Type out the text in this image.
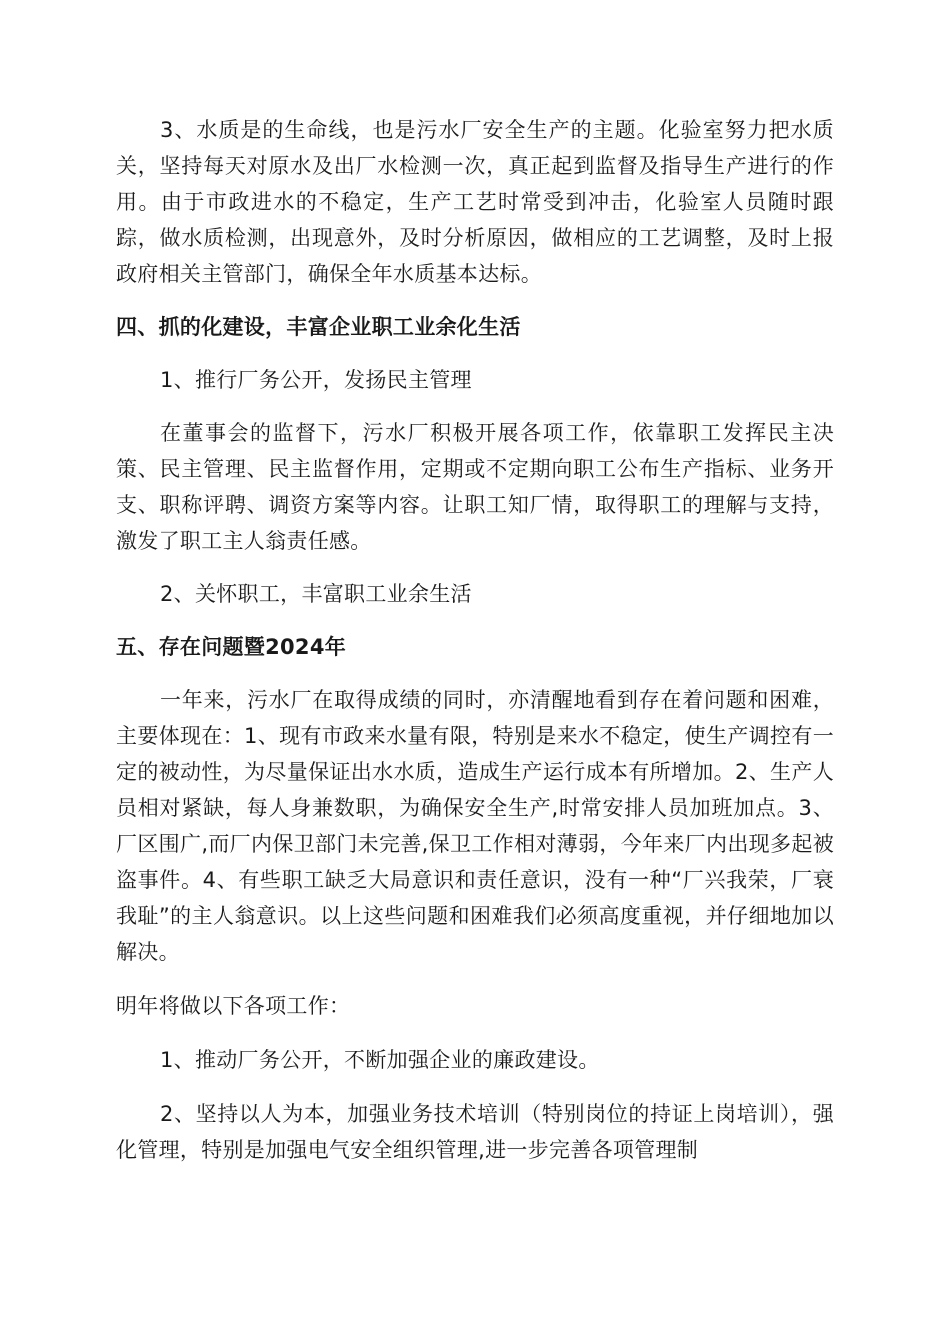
3、水质是的生命线，也是污水厂安全生产的主题。化验室努力把水质关，坚持每天对原水及出厂水检测一次，真正起到监督及指导生产进行的作用。由于市政进水的不稳定，生产工艺时常受到冲击，化验室人员随时跟踪，做水质检测，出现意外，及时分析原因，做相应的工艺调整，及时上报政府相关主管部门，确保全年水质基本达标。

四、抓的化建设，丰富企业职工业余化生活

1、推行厂务公开，发扬民主管理

在董事会的监督下，污水厂积极开展各项工作，依靠职工发挥民主决策、民主管理、民主监督作用，定期或不定期向职工公布生产指标、业务开支、职称评聘、调资方案等内容。让职工知厂情，取得职工的理解与支持，激发了职工主人翁责任感。

2、关怀职工，丰富职工业余生活

五、存在问题暨2024年

一年来，污水厂在取得成绩的同时，亦清醒地看到存在着问题和困难，主要体现在：1、现有市政来水量有限，特别是来水不稳定，使生产调控有一定的被动性，为尽量保证出水水质，造成生产运行成本有所增加。2、生产人员相对紧缺，每人身兼数职，为确保安全生产,时常安排人员加班加点。3、厂区围广,而厂内保卫部门未完善,保卫工作相对薄弱，今年来厂内出现多起被盗事件。4、有些职工缺乏大局意识和责任意识，没有一种“厂兴我荣，厂衰我耻”的主人翁意识。以上这些问题和困难我们必须高度重视，并仔细地加以解决。

明年将做以下各项工作：

1、推动厂务公开，不断加强企业的廉政建设。

2、坚持以人为本，加强业务技术培训（特别岗位的持证上岗培训），强化管理，特别是加强电气安全组织管理,进一步完善各项管理制
